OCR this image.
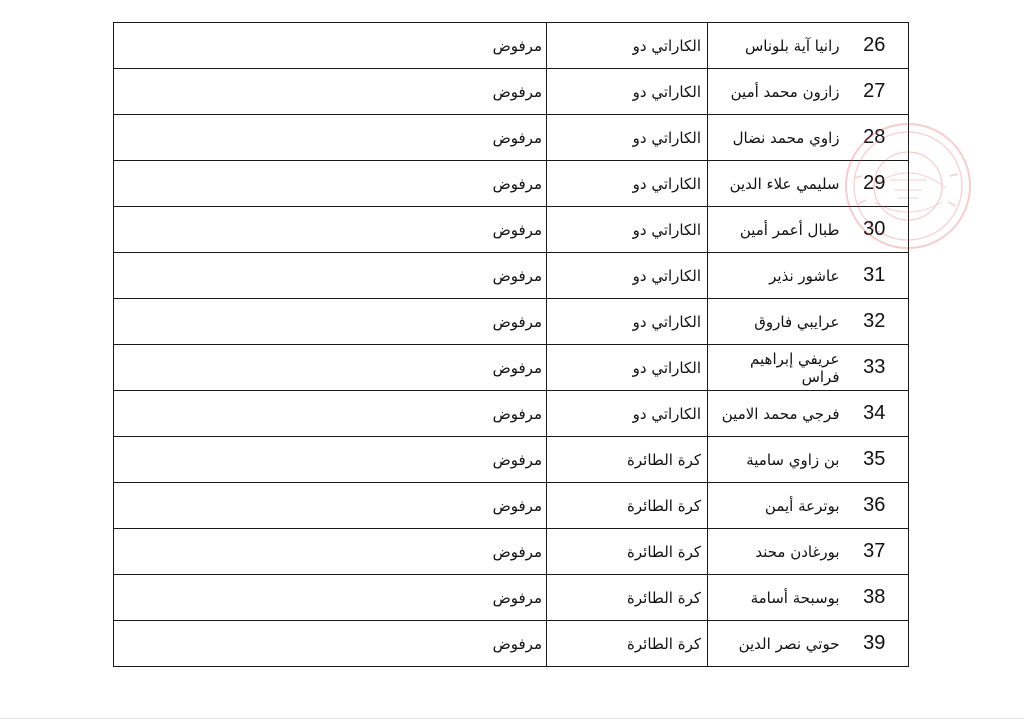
	مرفوض	الكاراتي دو	رانيا آية بلوناس	26
	مرفوض	الكاراتي دو	زازون محمد أمين	27
	مرفوض	الكاراتي دو	زاوي محمد نضال	28
	مرفوض	الكاراتي دو	سليمي علاء الدين	29
	مرفوض	الكاراتي دو	طبال أعمر أمين	30
	مرفوض	الكاراتي دو	عاشور نذير	31
	مرفوض	الكاراتي دو	عرايبي فاروق	32
	مرفوض	الكاراتي دو	عريفي إبراهيم فراس	33
	مرفوض	الكاراتي دو	فرجي محمد الامين	34
	مرفوض	كرة الطائرة	بن زاوي سامية	35
	مرفوض	كرة الطائرة	بوترعة أيمن	36
	مرفوض	كرة الطائرة	بورغادن محند	37
	مرفوض	كرة الطائرة	بوسبحة أسامة	38
	مرفوض	كرة الطائرة	حوتي نصر الدين	39
